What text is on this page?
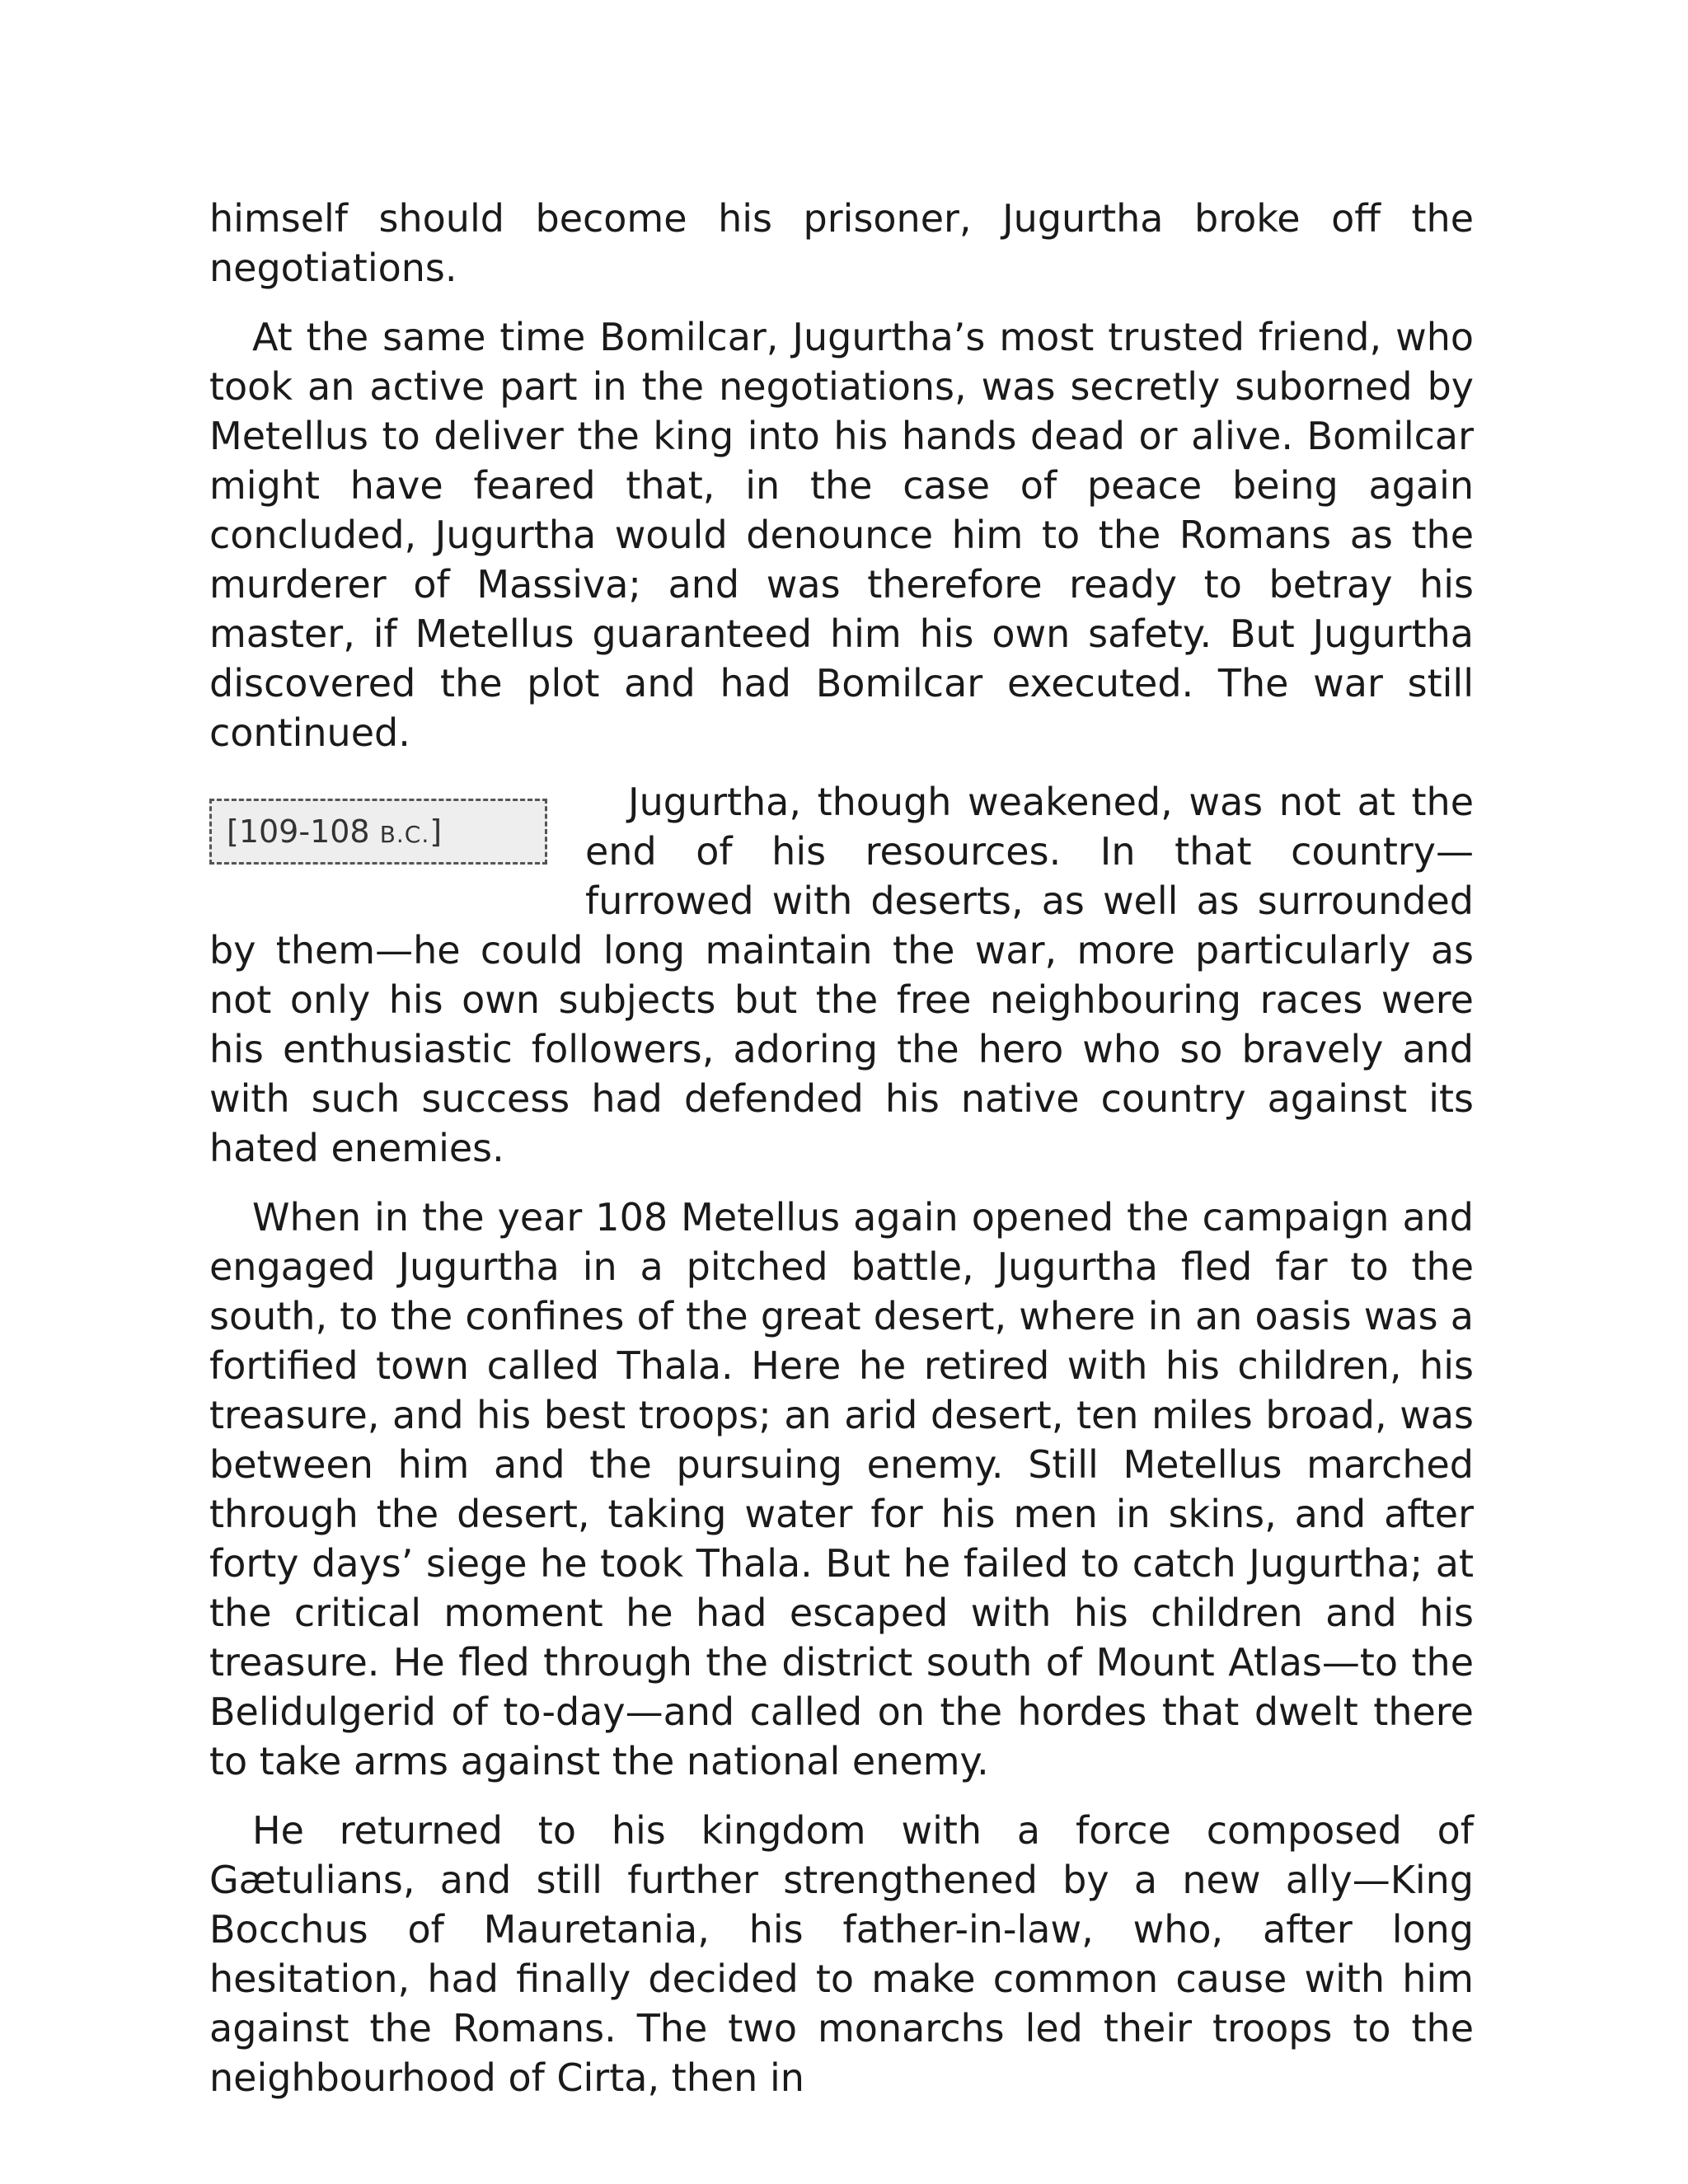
himself should become his prisoner, Jugurtha broke off the negotiations.

At the same time Bomilcar, Jugurtha’s most trusted friend, who took an active part in the negotiations, was secretly suborned by Metellus to deliver the king into his hands dead or alive. Bomilcar might have feared that, in the case of peace being again concluded, Jugurtha would denounce him to the Romans as the murderer of Massiva; and was therefore ready to betray his master, if Metellus guaranteed him his own safety. But Jugurtha discovered the plot and had Bomilcar executed. The war still continued.

[109-108 B.C.]

Jugurtha, though weakened, was not at the end of his resources. In that country—furrowed with deserts, as well as surrounded by them—he could long maintain the war, more particularly as not only his own subjects but the free neighbouring races were his enthusiastic followers, adoring the hero who so bravely and with such success had defended his native country against its hated enemies.

When in the year 108 Metellus again opened the campaign and engaged Jugurtha in a pitched battle, Jugurtha fled far to the south, to the confines of the great desert, where in an oasis was a fortified town called Thala. Here he retired with his children, his treasure, and his best troops; an arid desert, ten miles broad, was between him and the pursuing enemy. Still Metellus marched through the desert, taking water for his men in skins, and after forty days’ siege he took Thala. But he failed to catch Jugurtha; at the critical moment he had escaped with his children and his treasure. He fled through the district south of Mount Atlas—to the Belidulgerid of to-day—and called on the hordes that dwelt there to take arms against the national enemy.

He returned to his kingdom with a force composed of Gætulians, and still further strengthened by a new ally—King Bocchus of Mauretania, his father-in-law, who, after long hesitation, had finally decided to make common cause with him against the Romans. The two monarchs led their troops to the neighbourhood of Cirta, then in
